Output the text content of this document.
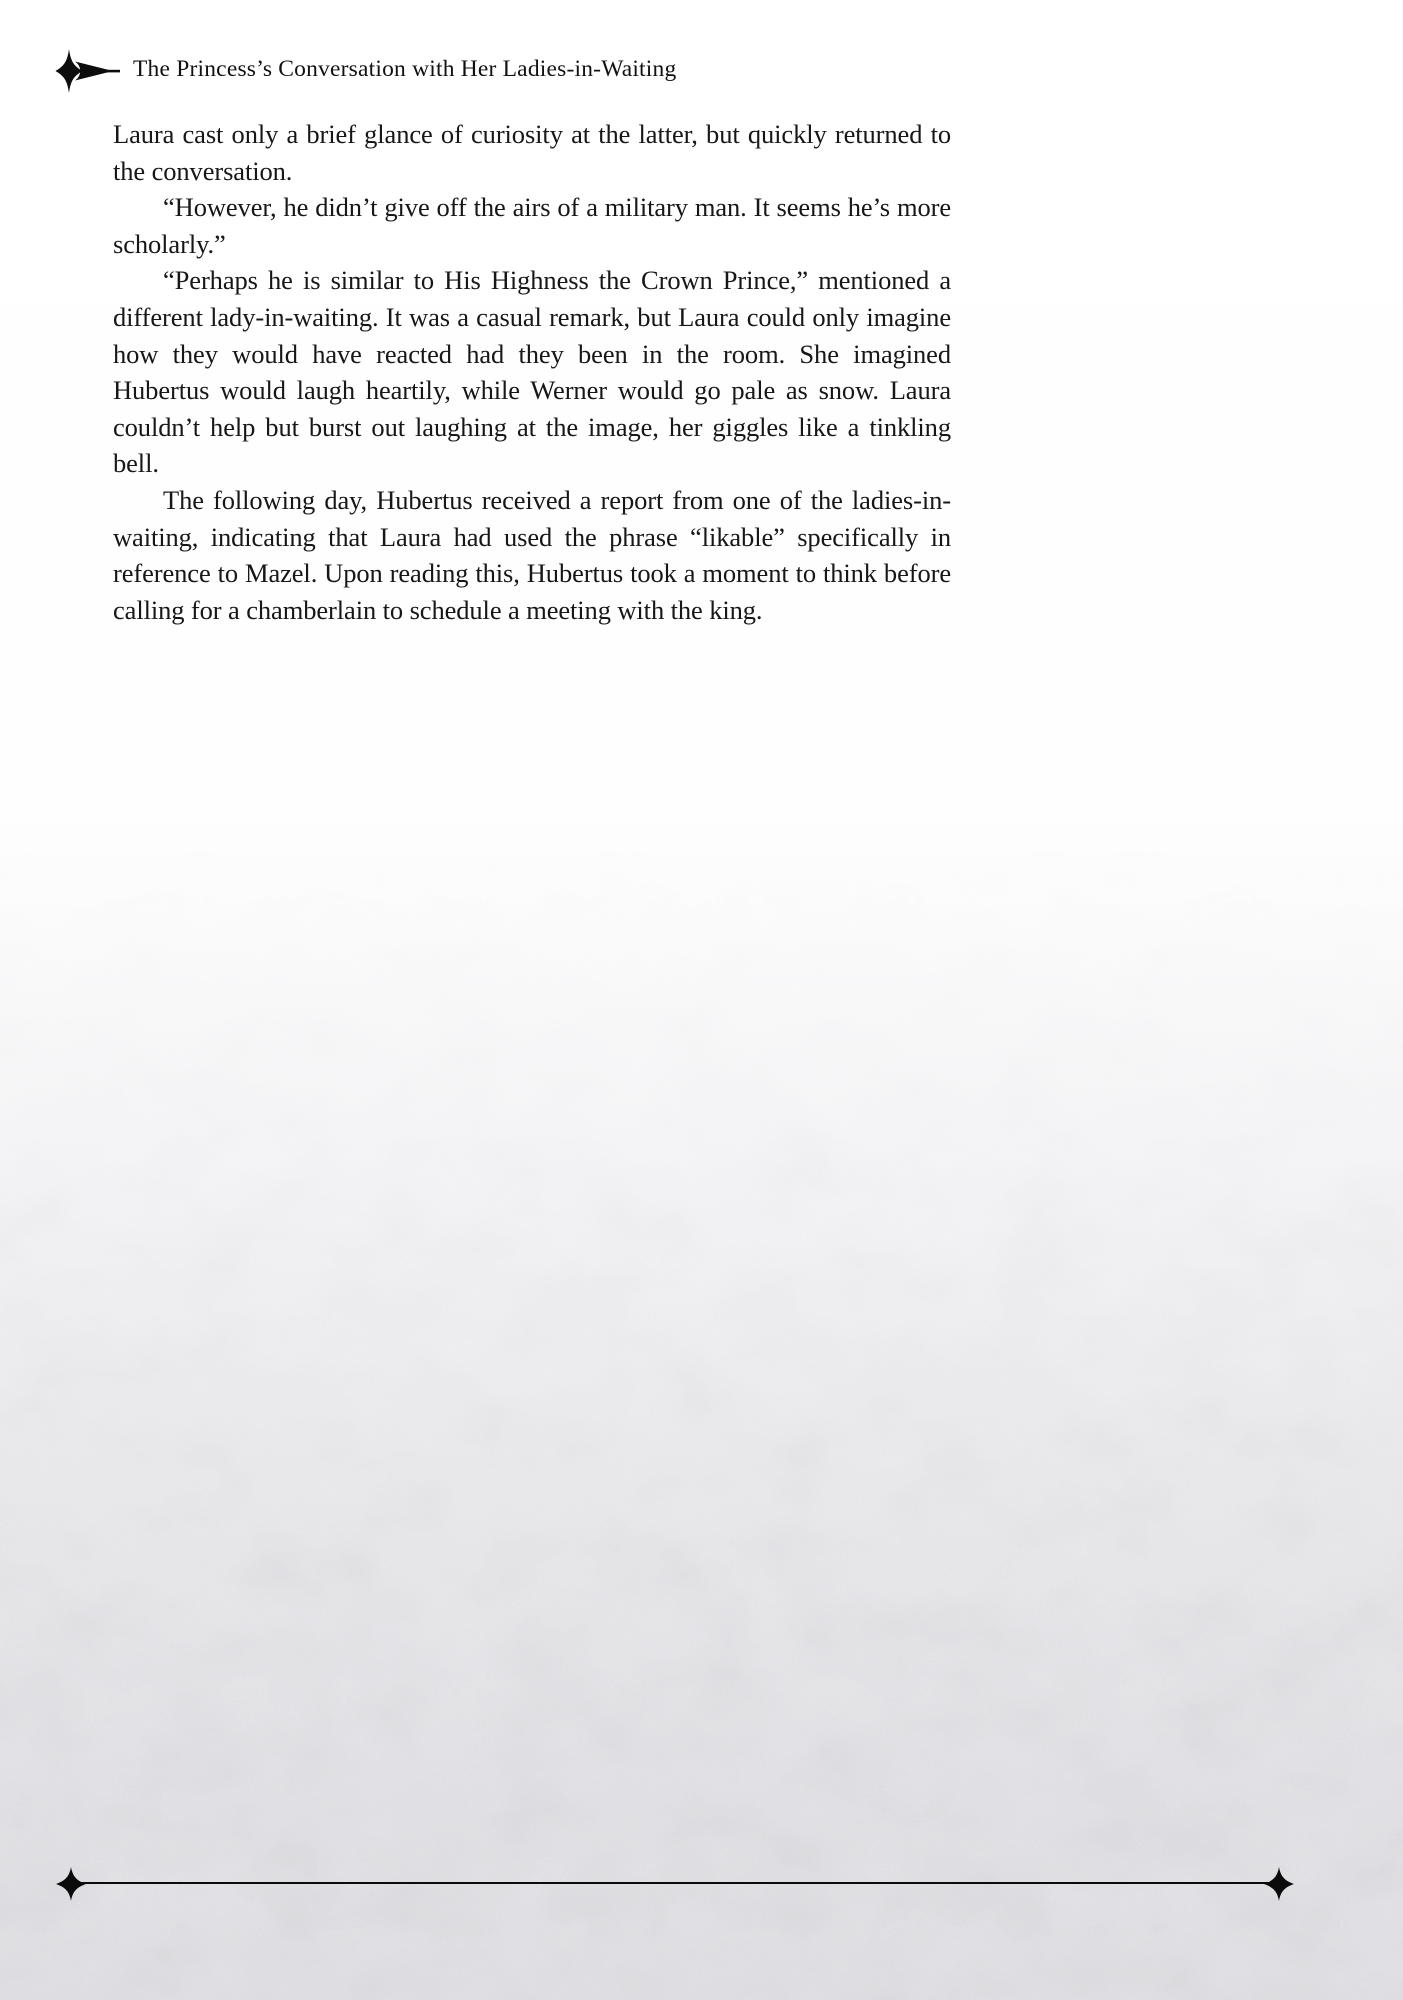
The Princess’s Conversation with Her Ladies-in-Waiting

Laura cast only a brief glance of curiosity at the latter, but quickly returned to the conversation.

“However, he didn’t give off the airs of a military man. It seems he’s more scholarly.”

“Perhaps he is similar to His Highness the Crown Prince,” mentioned a different lady-in-waiting. It was a casual remark, but Laura could only imagine how they would have reacted had they been in the room. She imagined Hubertus would laugh heartily, while Werner would go pale as snow. Laura couldn’t help but burst out laughing at the image, her giggles like a tinkling bell.

The following day, Hubertus received a report from one of the ladies-in-waiting, indicating that Laura had used the phrase “likable” specifically in reference to Mazel. Upon reading this, Hubertus took a moment to think before calling for a chamberlain to schedule a meeting with the king.
